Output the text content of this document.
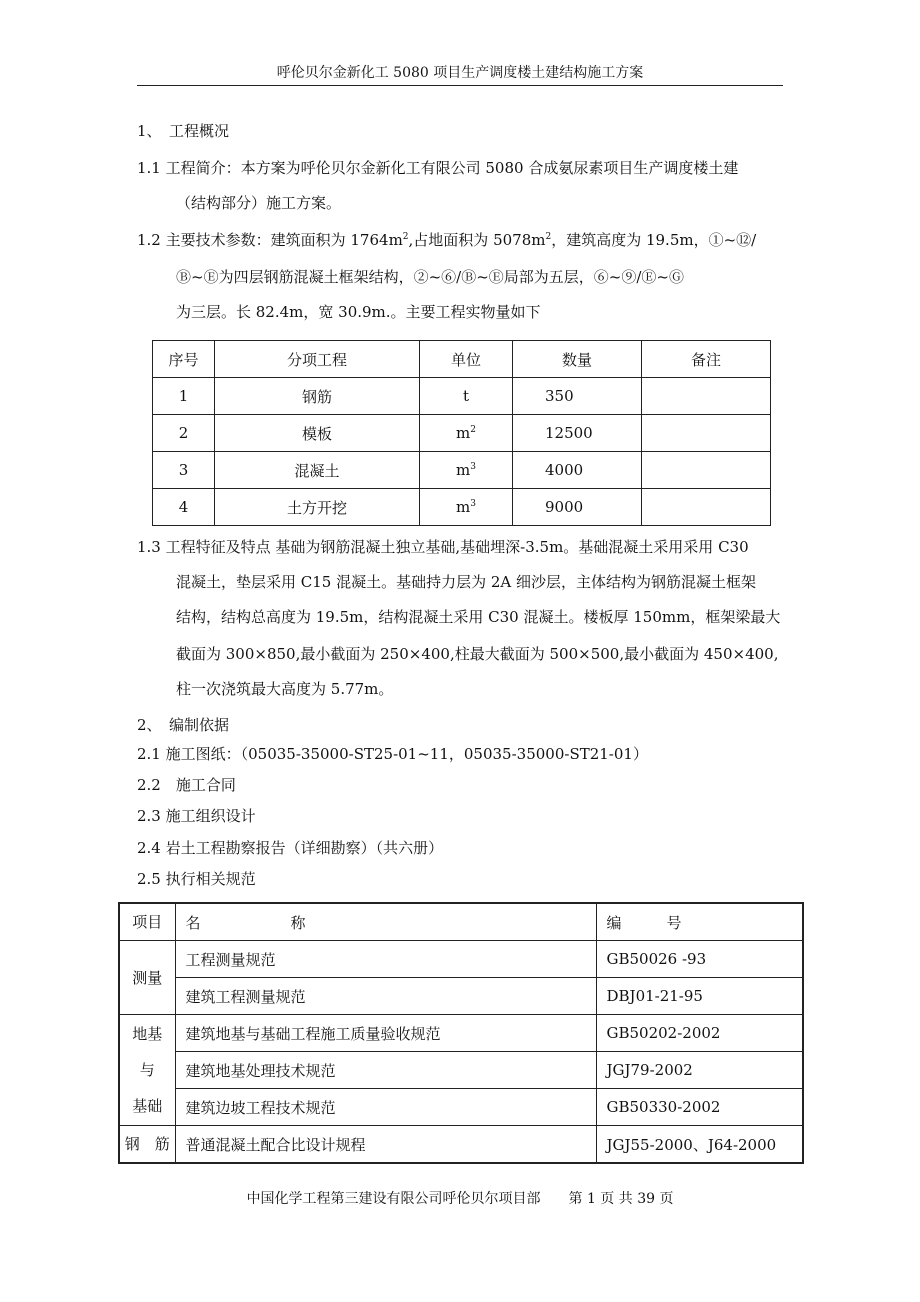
呼伦贝尔金新化工 5080 项目生产调度楼土建结构施工方案
1、　工程概况
1.1 工程简介：本方案为呼伦贝尔金新化工有限公司 5080 合成氨尿素项目生产调度楼土建
（结构部分）施工方案。
1.2 主要技术参数：建筑面积为 $1764m^2$,占地面积为 $5078m^2$，建筑高度为 19.5m，①~⑫/
Ⓑ~Ⓔ为四层钢筋混凝土框架结构，②~⑥/Ⓑ~Ⓔ局部为五层，⑥~⑨/Ⓔ~Ⓖ
为三层。长 82.4m，宽 30.9m.。主要工程实物量如下
序号	分项工程	单位	数量	备注
1	钢筋	t	350	
2	模板	$m^2$	12500	
3	混凝土	$m^3$	4000	
4	土方开挖	$m^3$	9000	
1.3 工程特征及特点 基础为钢筋混凝土独立基础,基础埋深-3.5m。基础混凝土采用采用 C30
混凝土，垫层采用 C15 混凝土。基础持力层为 2A 细沙层，主体结构为钢筋混凝土框架
结构，结构总高度为 19.5m，结构混凝土采用 C30 混凝土。楼板厚 150mm，框架梁最大
截面为 300×850,最小截面为 250×400,柱最大截面为 500×500,最小截面为 450×400,
柱一次浇筑最大高度为 5.77m。
2、　编制依据
2.1 施工图纸：（05035-35000-ST25-01~11，05035-35000-ST21-01）
2.2　施工合同
2.3 施工组织设计
2.4 岩土工程勘察报告（详细勘察）（共六册）
2.5 执行相关规范
项目	名　　　　　　称	编　　　号
测量	工程测量规范	GB50026 -93
	建筑工程测量规范	DBJ01-21-95

地基
与
基础	建筑地基与基础工程施工质量验收规范	GB50202-2002
	建筑地基处理技术规范	JGJ79-2002
	建筑边坡工程技术规范	GB50330-2002
钢　筋	普通混凝土配合比设计规程	JGJ55-2000、J64-2000
中国化学工程第三建设有限公司呼伦贝尔项目部　　第 1 页 共 39 页
